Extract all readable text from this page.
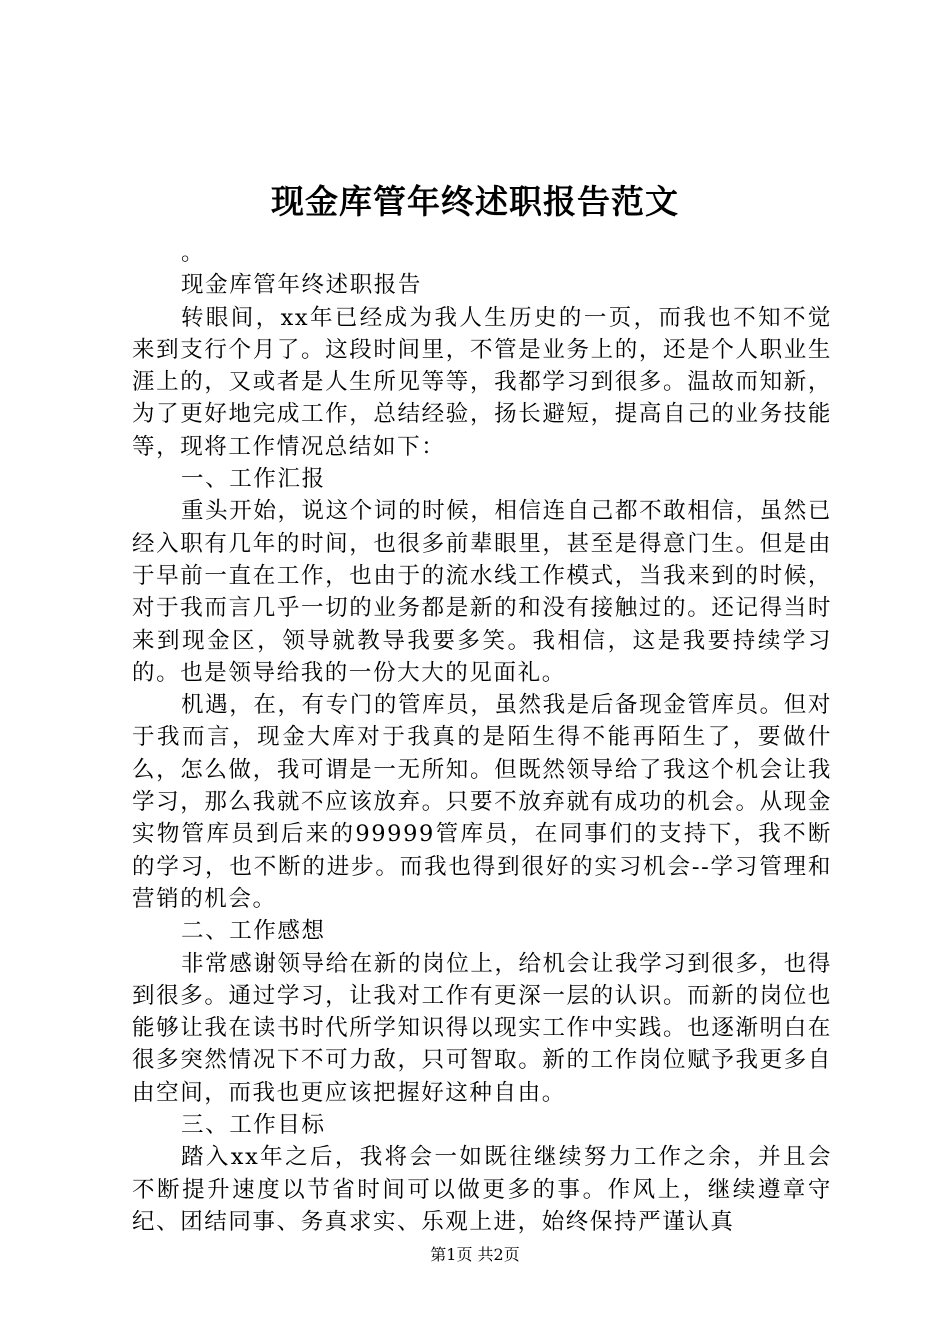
现金库管年终述职报告范文

。

现金库管年终述职报告

转眼间，xx年已经成为我人生历史的一页，而我也不知不觉来到支行个月了。这段时间里，不管是业务上的，还是个人职业生涯上的，又或者是人生所见等等，我都学习到很多。温故而知新，为了更好地完成工作，总结经验，扬长避短，提高自己的业务技能等，现将工作情况总结如下：

一、工作汇报

重头开始，说这个词的时候，相信连自己都不敢相信，虽然已经入职有几年的时间，也很多前辈眼里，甚至是得意门生。但是由于早前一直在工作，也由于的流水线工作模式，当我来到的时候，对于我而言几乎一切的业务都是新的和没有接触过的。还记得当时来到现金区，领导就教导我要多笑。我相信，这是我要持续学习的。也是领导给我的一份大大的见面礼。

机遇，在，有专门的管库员，虽然我是后备现金管库员。但对于我而言，现金大库对于我真的是陌生得不能再陌生了，要做什么，怎么做，我可谓是一无所知。但既然领导给了我这个机会让我学习，那么我就不应该放弃。只要不放弃就有成功的机会。从现金实物管库员到后来的99999管库员，在同事们的支持下，我不断的学习，也不断的进步。而我也得到很好的实习机会--学习管理和营销的机会。

二、工作感想

非常感谢领导给在新的岗位上，给机会让我学习到很多，也得到很多。通过学习，让我对工作有更深一层的认识。而新的岗位也能够让我在读书时代所学知识得以现实工作中实践。也逐渐明白在很多突然情况下不可力敌，只可智取。新的工作岗位赋予我更多自由空间，而我也更应该把握好这种自由。

三、工作目标

踏入xx年之后，我将会一如既往继续努力工作之余，并且会不断提升速度以节省时间可以做更多的事。作风上，继续遵章守纪、团结同事、务真求实、乐观上进，始终保持严谨认真

第1页 共2页
